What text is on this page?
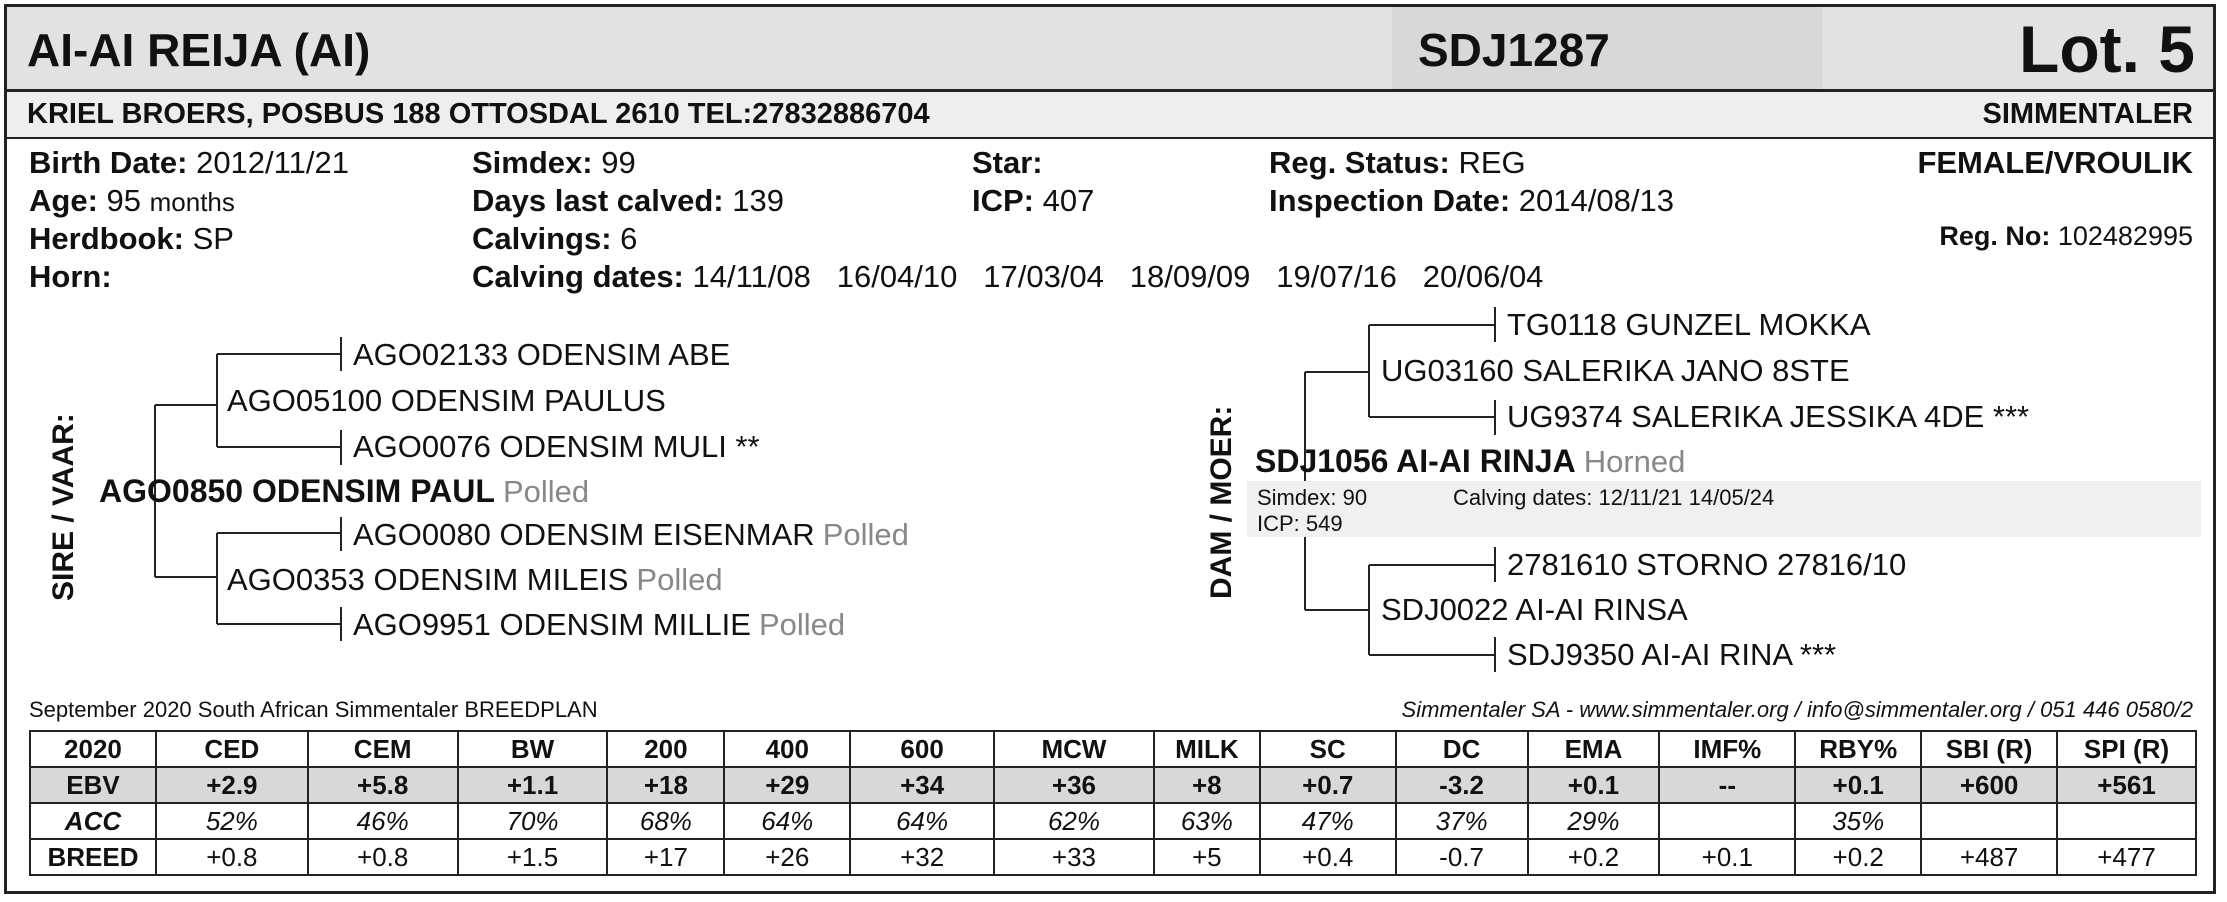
AI-AI REIJA (AI)	SDJ1287	Lot. 5
KRIEL BROERS, POSBUS 188 OTTOSDAL 2610 TEL:27832886704	SIMMENTALER
Birth Date: 2012/11/21
Age: 95 months
Herdbook: SP
Horn:
Simdex: 99
Days last calved: 139
Calvings: 6
Calving dates: 14/11/08   16/04/10   17/03/04   18/09/09   19/07/16   20/06/04
Star:
ICP: 407
Reg. Status: REG
Inspection Date: 2014/08/13
FEMALE/VROULIK
Reg. No: 102482995
SIRE / VAAR:
AGO02133 ODENSIM ABE
AGO05100 ODENSIM PAULUS
AGO0076 ODENSIM MULI **
AGO0850 ODENSIM PAUL Polled
AGO0080 ODENSIM EISENMAR Polled
AGO0353 ODENSIM MILEIS Polled
AGO9951 ODENSIM MILLIE Polled
DAM / MOER:
TG0118 GUNZEL MOKKA
UG03160 SALERIKA JANO 8STE
UG9374 SALERIKA JESSIKA 4DE ***
SDJ1056 AI-AI RINJA Horned
Simdex: 90
ICP: 549
Calving dates: 12/11/21 14/05/24
2781610 STORNO 27816/10
SDJ0022 AI-AI RINSA
SDJ9350 AI-AI RINA ***
September 2020 South African Simmentaler BREEDPLAN	Simmentaler SA - www.simmentaler.org / info@simmentaler.org / 051 446 0580/2
2020	CED	CEM	BW	200	400	600	MCW	MILK	SC	DC	EMA	IMF%	RBY%	SBI (R)	SPI (R)
EBV	+2.9	+5.8	+1.1	+18	+29	+34	+36	+8	+0.7	-3.2	+0.1	--	+0.1	+600	+561
ACC	52%	46%	70%	68%	64%	64%	62%	63%	47%	37%	29%		35%		
BREED	+0.8	+0.8	+1.5	+17	+26	+32	+33	+5	+0.4	-0.7	+0.2	+0.1	+0.2	+487	+477
